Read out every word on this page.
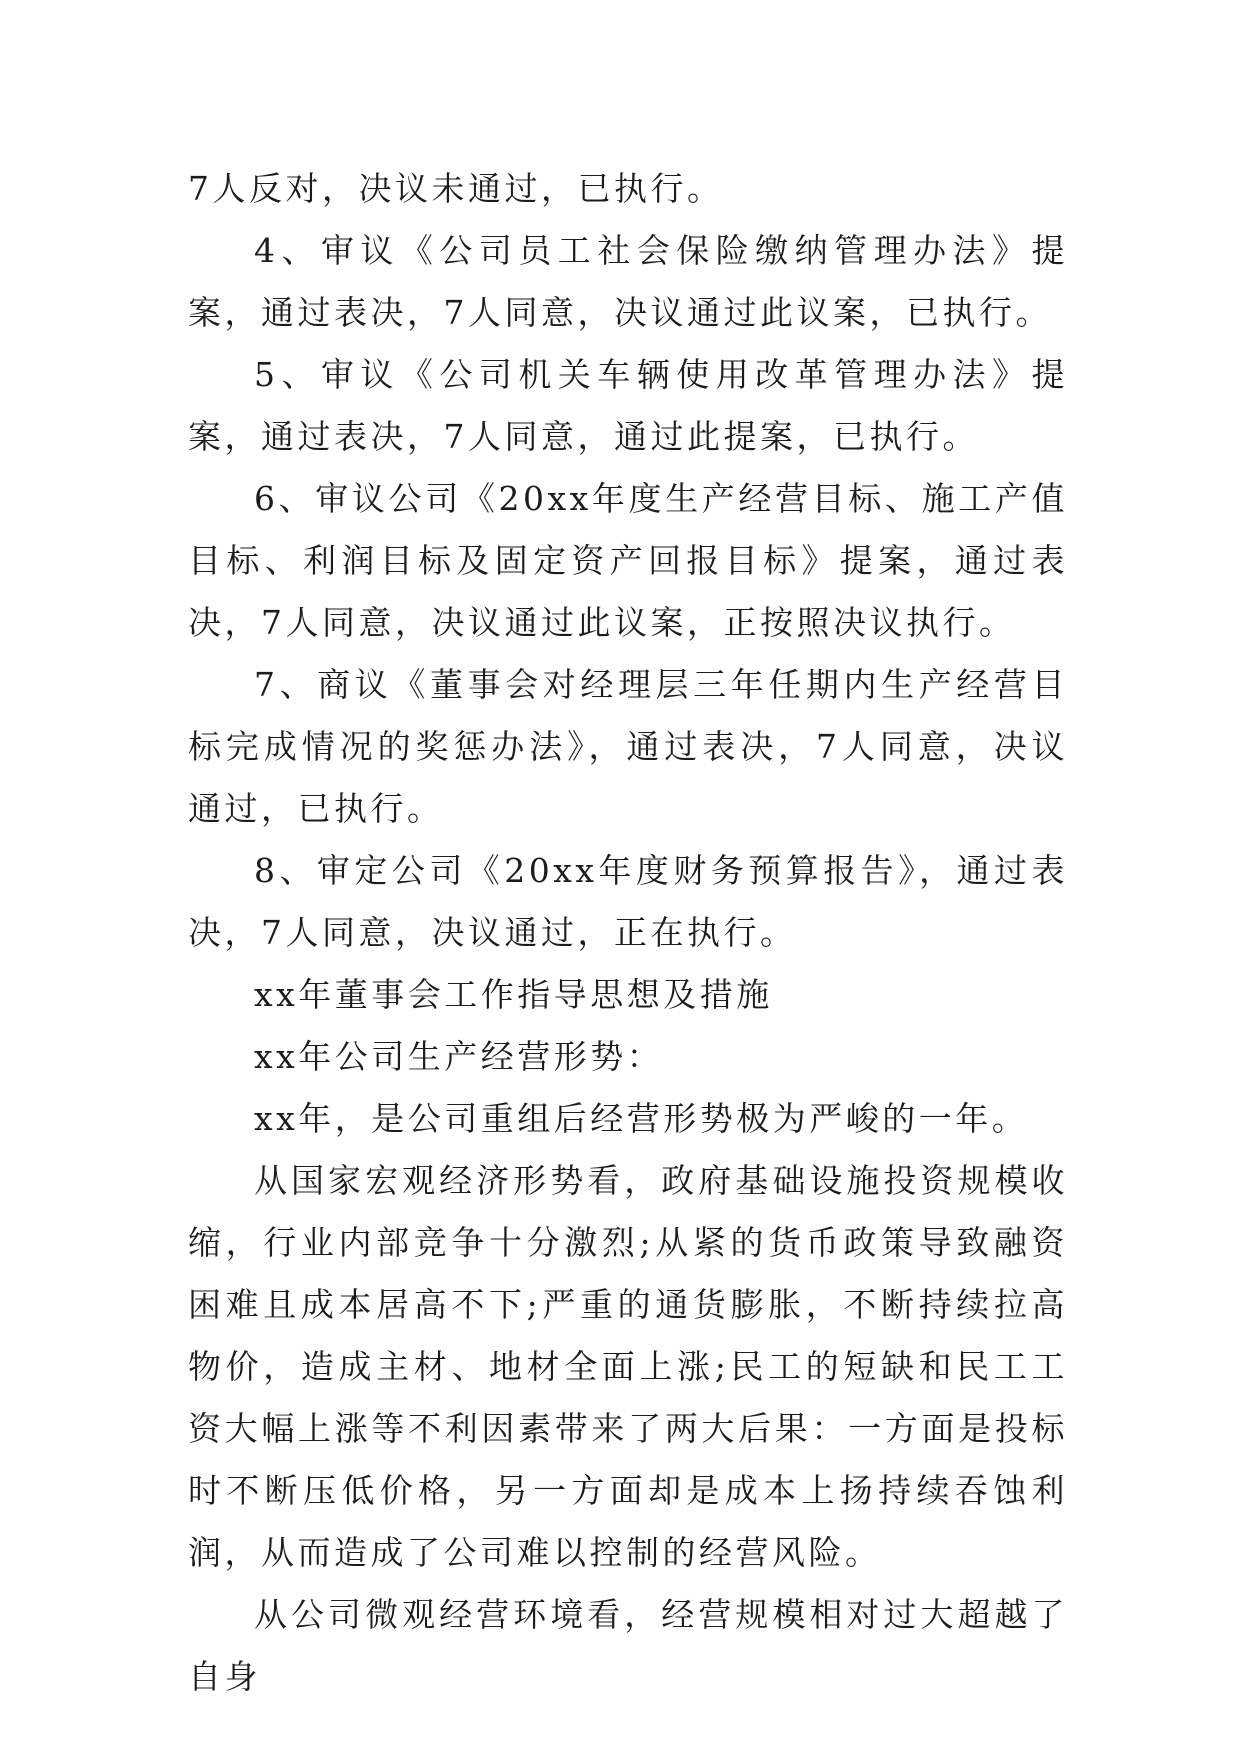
7人反对，决议未通过，已执行。

4、审议《公司员工社会保险缴纳管理办法》提案，通过表决，7人同意，决议通过此议案，已执行。

5、审议《公司机关车辆使用改革管理办法》提案，通过表决，7人同意，通过此提案，已执行。

6、审议公司《20xx年度生产经营目标、施工产值目标、利润目标及固定资产回报目标》提案，通过表决，7人同意，决议通过此议案，正按照决议执行。

7、商议《董事会对经理层三年任期内生产经营目标完成情况的奖惩办法》，通过表决，7人同意，决议通过，已执行。

8、审定公司《20xx年度财务预算报告》，通过表决，7人同意，决议通过，正在执行。

xx年董事会工作指导思想及措施

xx年公司生产经营形势：

xx年，是公司重组后经营形势极为严峻的一年。

从国家宏观经济形势看，政府基础设施投资规模收缩，行业内部竞争十分激烈;从紧的货币政策导致融资困难且成本居高不下;严重的通货膨胀，不断持续拉高物价，造成主材、地材全面上涨;民工的短缺和民工工资大幅上涨等不利因素带来了两大后果：一方面是投标时不断压低价格，另一方面却是成本上扬持续吞蚀利润，从而造成了公司难以控制的经营风险。

从公司微观经营环境看，经营规模相对过大超越了自身
